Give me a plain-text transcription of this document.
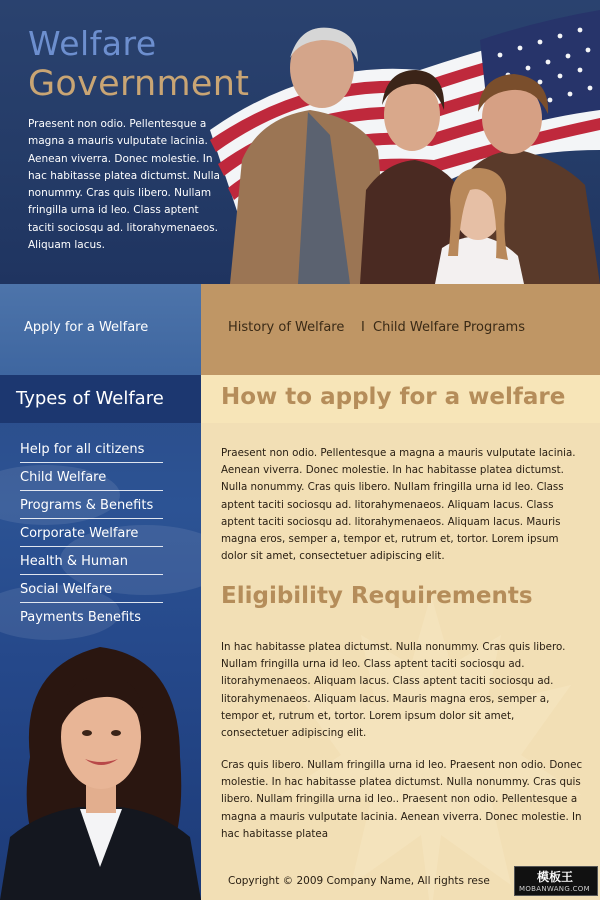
Welfare
Government

Praesent non odio. Pellentesque a magna a mauris vulputate lacinia. Aenean viverra. Donec molestie. In hac habitasse platea dictumst. Nulla nonummy. Cras quis libero. Nullam fringilla urna id leo. Class aptent taciti sociosqu ad. litorahymenaeos. Aliquam lacus.

Apply for a Welfare	History of Welfare I Child Welfare Programs
Types of Welfare
Help for all citizens
Child Welfare
Programs & Benefits
Corporate Welfare
Health & Human
Social Welfare
Payments Benefits
How to apply for a welfare

Praesent non odio. Pellentesque a magna a mauris vulputate lacinia. Aenean viverra. Donec molestie. In hac habitasse platea dictumst. Nulla nonummy. Cras quis libero. Nullam fringilla urna id leo. Class aptent taciti sociosqu ad. litorahymenaeos. Aliquam lacus. Class aptent taciti sociosqu ad. litorahymenaeos. Aliquam lacus. Mauris magna eros, semper a, tempor et, rutrum et, tortor. Lorem ipsum dolor sit amet, consectetuer adipiscing elit.

Eligibility Requirements

In hac habitasse platea dictumst. Nulla nonummy. Cras quis libero. Nullam fringilla urna id leo. Class aptent taciti sociosqu ad. litorahymenaeos. Aliquam lacus. Class aptent taciti sociosqu ad. litorahymenaeos. Aliquam lacus. Mauris magna eros, semper a, tempor et, rutrum et, tortor. Lorem ipsum dolor sit amet, consectetuer adipiscing elit.

Cras quis libero. Nullam fringilla urna id leo. Praesent non odio. Donec molestie. In hac habitasse platea dictumst. Nulla nonummy. Cras quis libero. Nullam fringilla urna id leo.. Praesent non odio. Pellentesque a magna a mauris vulputate lacinia. Aenean viverra. Donec molestie. In hac habitasse platea

Copyright © 2009 Company Name, All rights rese	模板王
MOBANWANG.COM
